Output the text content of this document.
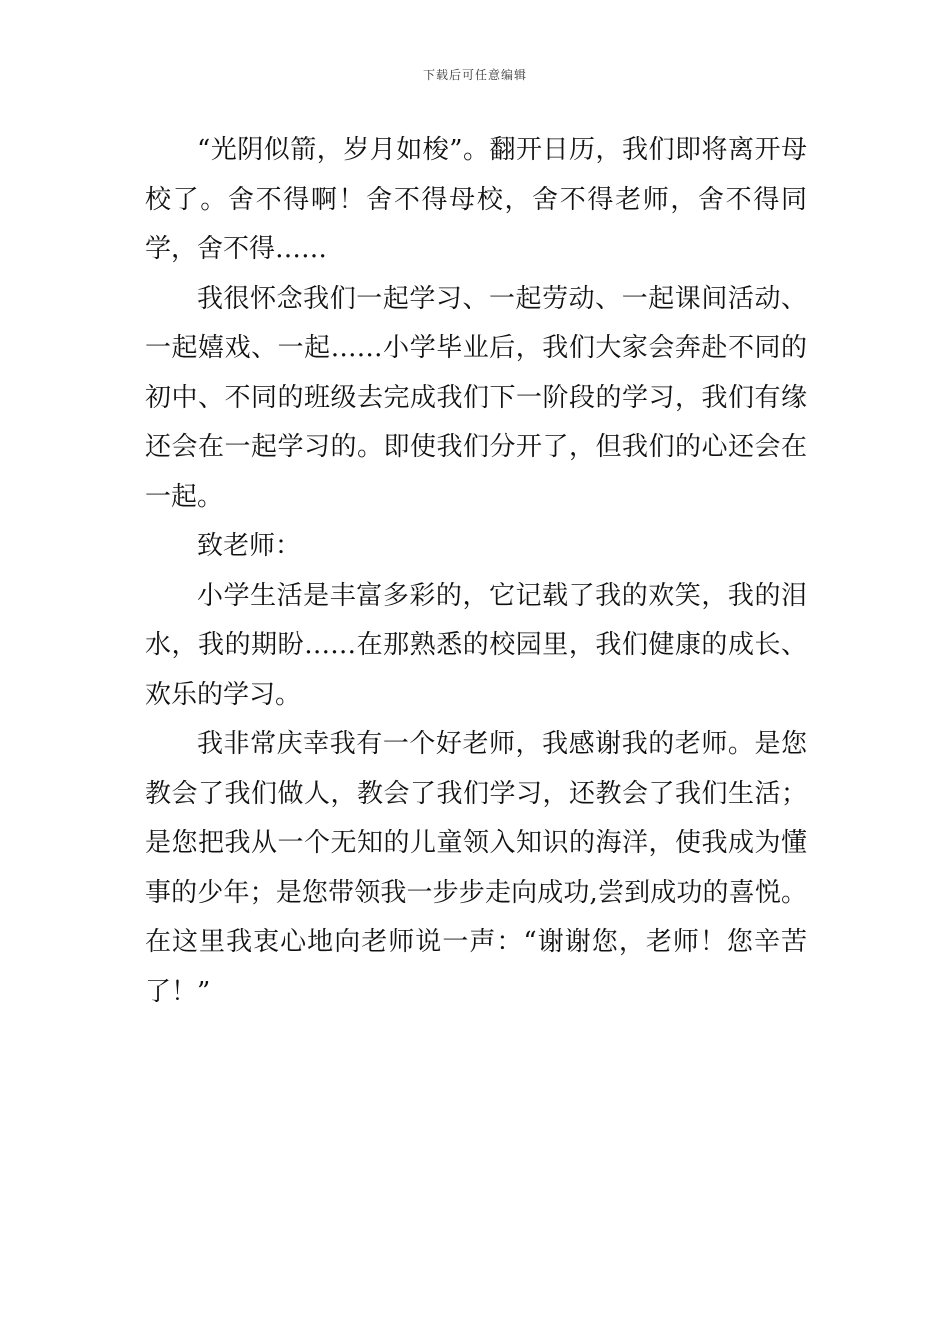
下载后可任意编辑

“光阴似箭，岁月如梭”。翻开日历，我们即将离开母校了。舍不得啊！舍不得母校，舍不得老师，舍不得同学，舍不得……

我很怀念我们一起学习、一起劳动、一起课间活动、一起嬉戏、一起……小学毕业后，我们大家会奔赴不同的初中、不同的班级去完成我们下一阶段的学习，我们有缘还会在一起学习的。即使我们分开了，但我们的心还会在一起。

致老师：

小学生活是丰富多彩的，它记载了我的欢笑，我的泪水，我的期盼……在那熟悉的校园里，我们健康的成长、欢乐的学习。

我非常庆幸我有一个好老师，我感谢我的老师。是您教会了我们做人，教会了我们学习，还教会了我们生活；是您把我从一个无知的儿童领入知识的海洋，使我成为懂事的少年；是您带领我一步步走向成功,尝到成功的喜悦。在这里我衷心地向老师说一声：“谢谢您，老师！您辛苦了！”
